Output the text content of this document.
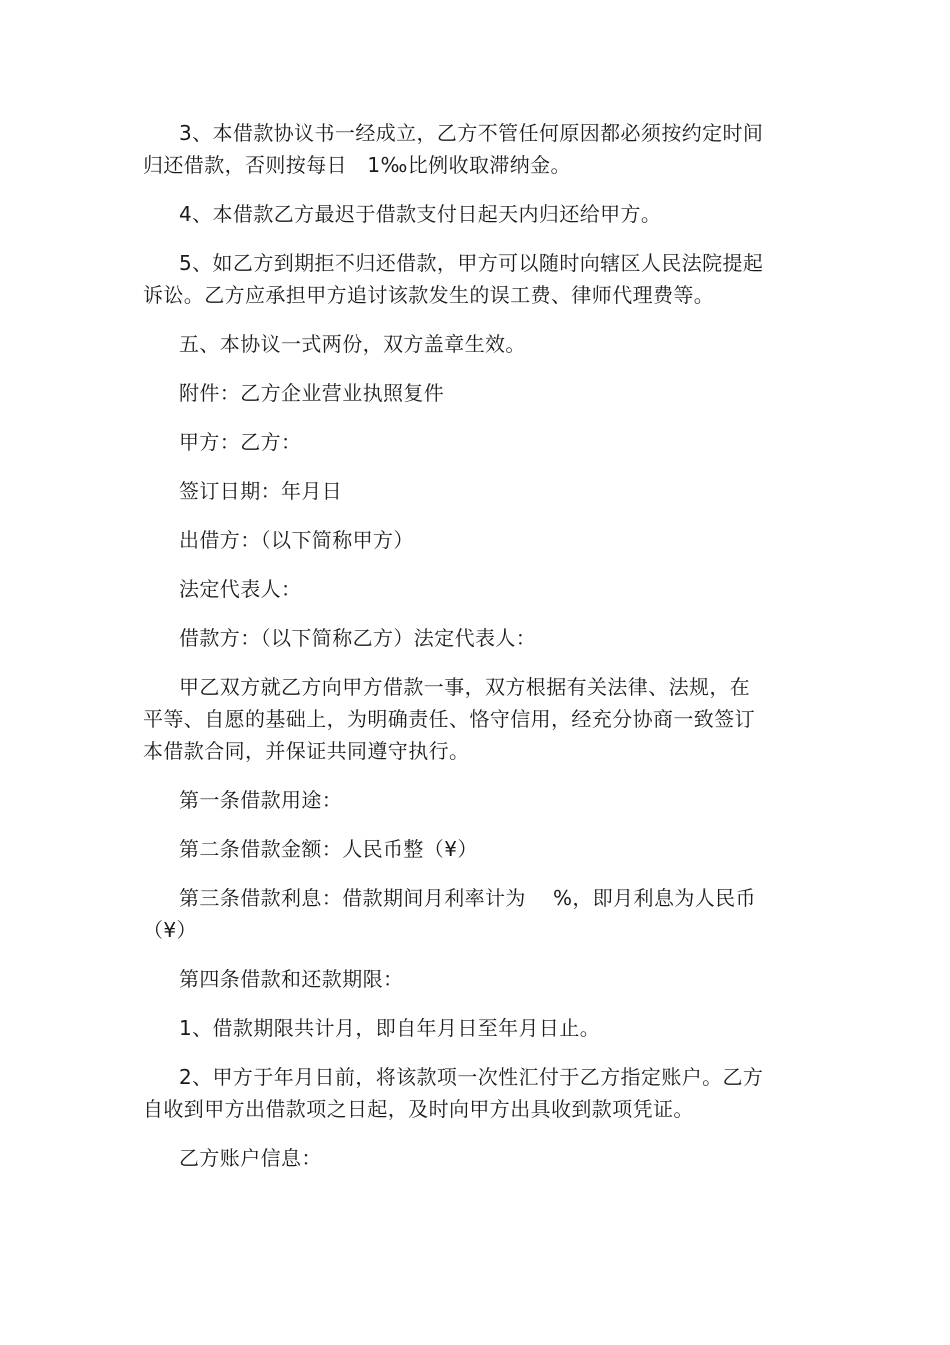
3、本借款协议书一经成立，乙方不管任何原因都必须按约定时间归还借款，否则按每日　1‰比例收取滞纳金。

4、本借款乙方最迟于借款支付日起天内归还给甲方。

5、如乙方到期拒不归还借款，甲方可以随时向辖区人民法院提起诉讼。乙方应承担甲方追讨该款发生的误工费、律师代理费等。

五、本协议一式两份，双方盖章生效。

附件：乙方企业营业执照复件

甲方：乙方：

签订日期：年月日

出借方：（以下简称甲方）

法定代表人：

借款方：（以下简称乙方）法定代表人：

甲乙双方就乙方向甲方借款一事，双方根据有关法律、法规，在平等、自愿的基础上，为明确责任、恪守信用，经充分协商一致签订本借款合同，并保证共同遵守执行。

第一条借款用途：

第二条借款金额：人民币整（¥）

第三条借款利息：借款期间月利率计为　 %，即月利息为人民币（¥）

第四条借款和还款期限：

1、借款期限共计月，即自年月日至年月日止。

2、甲方于年月日前，将该款项一次性汇付于乙方指定账户。乙方自收到甲方出借款项之日起，及时向甲方出具收到款项凭证。

乙方账户信息：
